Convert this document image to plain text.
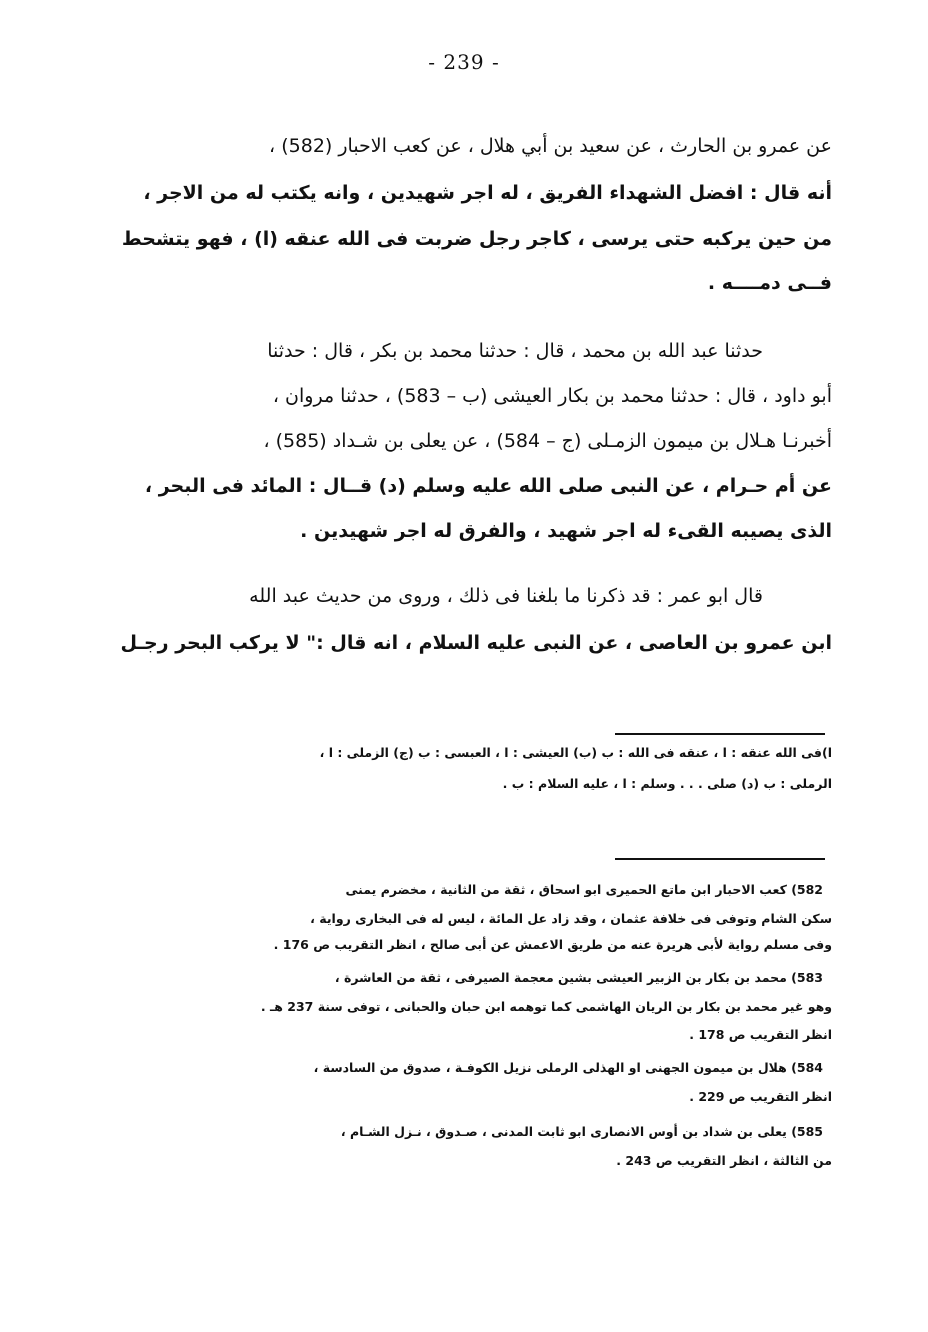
- 239 -
عن عمرو بن الحارث ، عن سعيد بن أبي هلال ، عن كعب الاحبار (582) ،
أنه قال : افضل الشهداء الفريق ، له اجر شهيدين ، وانه يكتب له من الاجر ،
من حين يركبه حتى يرسى ، كاجر رجل ضربت فى الله عنقه (ا) ، فهو يتشحط
فــى دمــــه .
حدثنا عبد الله بن محمد ، قال : حدثنا محمد بن بكر ، قال : حدثنا
أبو داود ، قال : حدثنا محمد بن بكار العيشى (ب – 583) ، حدثنا مروان ،
أخبرنـا هـلال بن ميمون الزمـلى (ج – 584) ، عن يعلى بن شـداد (585) ،
عن أم حـرام ، عن النبى صلى الله عليه وسلم (د) قــال : المائد فى البحر ،
الذى يصيبه القىء له اجر شهيد ، والفرق له اجر شهيدين .
قال ابو عمر : قد ذكرنا ما بلغنا فى ذلك ، وروى من حديث عبد الله
ابن عمرو بن العاصى ، عن النبى عليه السلام ، انه قال :" لا يركب البحر رجـل
ا)فى الله عنقه : ا ، عنقه فى الله : ب (ب) العيشى : ا ، العبسى : ب (ج) الزملى : ا ،
الرملى : ب (د) صلى . . . وسلم : ا ، عليه السلام : ب .
582) كعب الاحبار ابن ماتع الحميرى ابو اسحاق ، ثقة من الثانية ، مخضرم يمنى
سكن الشام وتوفى فى خلافة عثمان ، وقد زاد عل المائة ، ليس له فى البخارى رواية ،
وفى مسلم رواية لأبى هريرة عنه من طريق الاعمش عن أبى صالح ، انظر التقريب ص 176 .
583) محمد بن بكار بن الزبير العيشى بشين معجمة الصيرفى ، ثقة من العاشرة ،
وهو غير محمد بن بكار بن الريان الهاشمى كما توهمه ابن حبان والحبانى ، توفى سنة 237 هـ .
انظر التقريب ص 178 .
584) هلال بن ميمون الجهنى او الهذلى الرملى نزيل الكوفـة ، صدوق من السادسة ،
انظر التقريب ص 229 .
585) يعلى بن شداد بن أوس الانصارى ابو ثابت المدنى ، صـدوق ، نـزل الشـام ،
من الثالثة ، انظر التقريب ص 243 .
